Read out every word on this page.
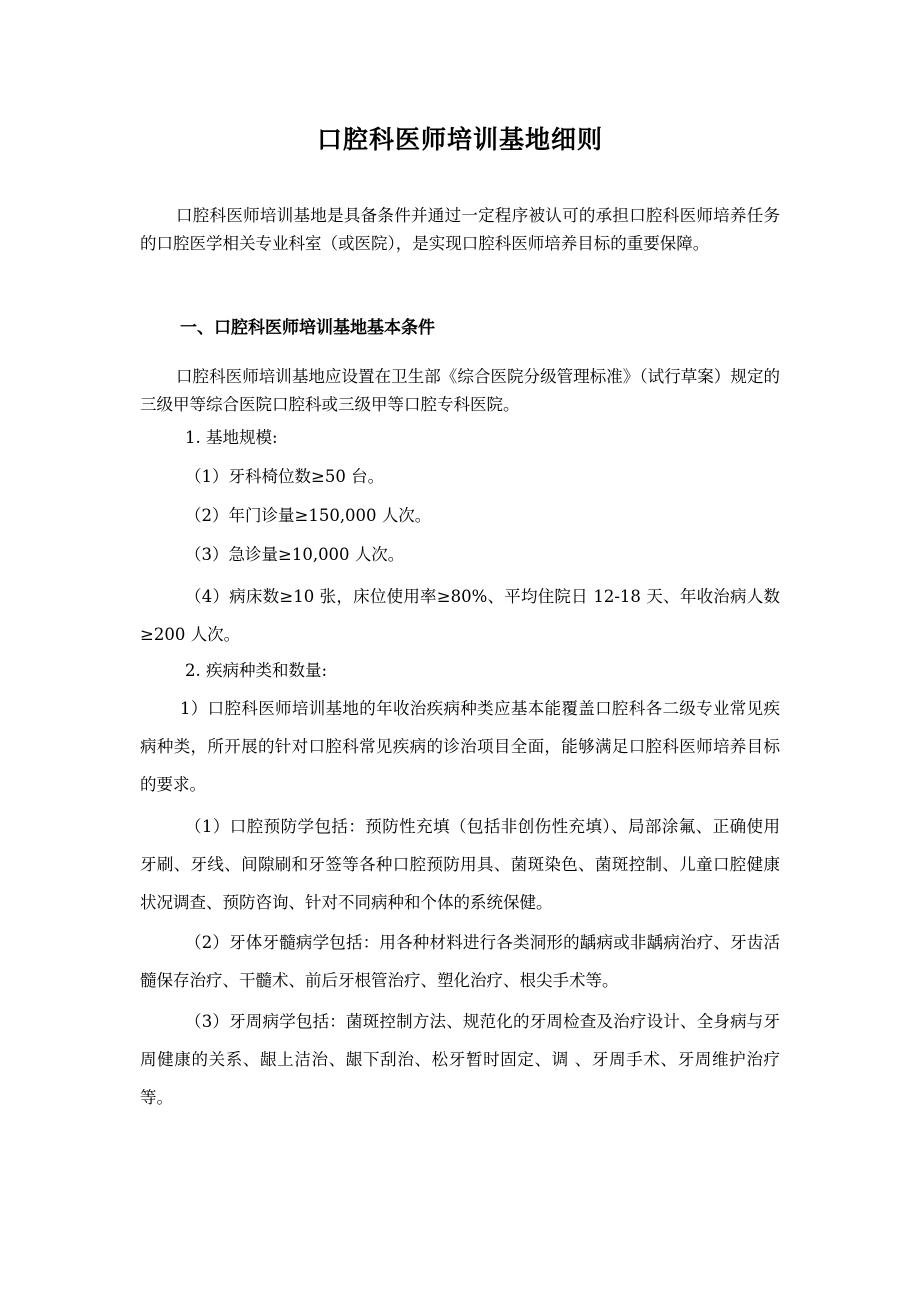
口腔科医师培训基地细则
口腔科医师培训基地是具备条件并通过一定程序被认可的承担口腔科医师培养任务的口腔医学相关专业科室（或医院），是实现口腔科医师培养目标的重要保障。
一、口腔科医师培训基地基本条件
口腔科医师培训基地应设置在卫生部《综合医院分级管理标准》（试行草案）规定的三级甲等综合医院口腔科或三级甲等口腔专科医院。
1. 基地规模:
（1）牙科椅位数≥50 台。
（2）年门诊量≥150,000 人次。
（3）急诊量≥10,000 人次。
（4）病床数≥10 张，床位使用率≥80%、平均住院日 12-18 天、年收治病人数≥200 人次。
2. 疾病种类和数量:
1）口腔科医师培训基地的年收治疾病种类应基本能覆盖口腔科各二级专业常见疾病种类，所开展的针对口腔科常见疾病的诊治项目全面，能够满足口腔科医师培养目标的要求。
（1）口腔预防学包括：预防性充填（包括非创伤性充填）、局部涂氟、正确使用牙刷、牙线、间隙刷和牙签等各种口腔预防用具、菌斑染色、菌斑控制、儿童口腔健康状况调查、预防咨询、针对不同病种和个体的系统保健。
（2）牙体牙髓病学包括：用各种材料进行各类洞形的龋病或非龋病治疗、牙齿活髓保存治疗、干髓术、前后牙根管治疗、塑化治疗、根尖手术等。
（3）牙周病学包括：菌斑控制方法、规范化的牙周检查及治疗设计、全身病与牙周健康的关系、龈上洁治、龈下刮治、松牙暂时固定、调 、牙周手术、牙周维护治疗等。
